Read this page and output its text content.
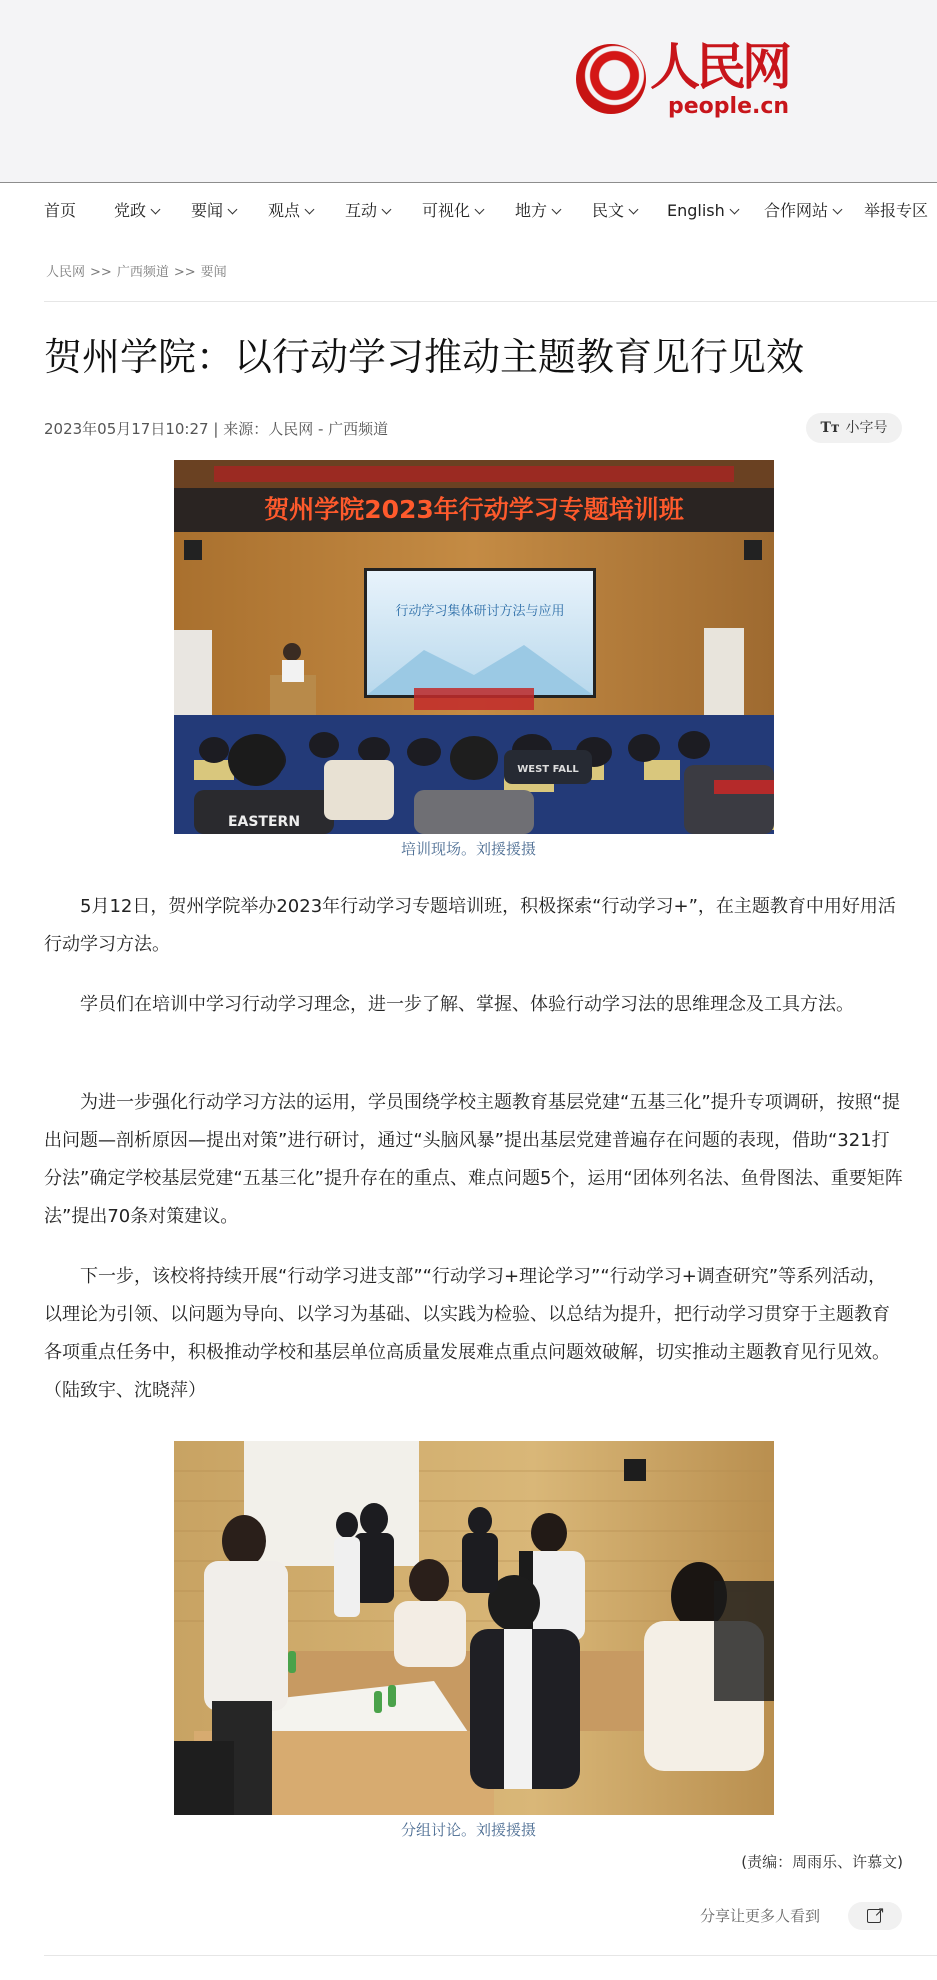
人民网
people.cn
首页 党政	要闻	观点	互动	可视化	地方	民文	English	合作网站	举报专区
人民网 >> 广西频道 >> 要闻
贺州学院：以行动学习推动主题教育见行见效
2023年05月17日10:27 | 来源：人民网 - 广西频道	Tт 小字号
贺州学院2023年行动学习专题培训班
行动学习集体研讨方法与应用
EASTERN
WEST FALL
培训现场。刘援援摄

5月12日，贺州学院举办2023年行动学习专题培训班，积极探索“行动学习+”，在主题教育中用好用活行动学习方法。

学员们在培训中学习行动学习理念，进一步了解、掌握、体验行动学习法的思维理念及工具方法。

为进一步强化行动学习方法的运用，学员围绕学校主题教育基层党建“五基三化”提升专项调研，按照“提出问题—剖析原因—提出对策”进行研讨，通过“头脑风暴”提出基层党建普遍存在问题的表现，借助“321打分法”确定学校基层党建“五基三化”提升存在的重点、难点问题5个，运用“团体列名法、鱼骨图法、重要矩阵法”提出70条对策建议。

下一步，该校将持续开展“行动学习进支部”“行动学习+理论学习”“行动学习+调查研究”等系列活动，以理论为引领、以问题为导向、以学习为基础、以实践为检验、以总结为提升，把行动学习贯穿于主题教育各项重点任务中，积极推动学校和基层单位高质量发展难点重点问题效破解，切实推动主题教育见行见效。（陆致宇、沈晓萍）

分组讨论。刘援援摄
(责编：周雨乐、许慕文)
分享让更多人看到	↗
